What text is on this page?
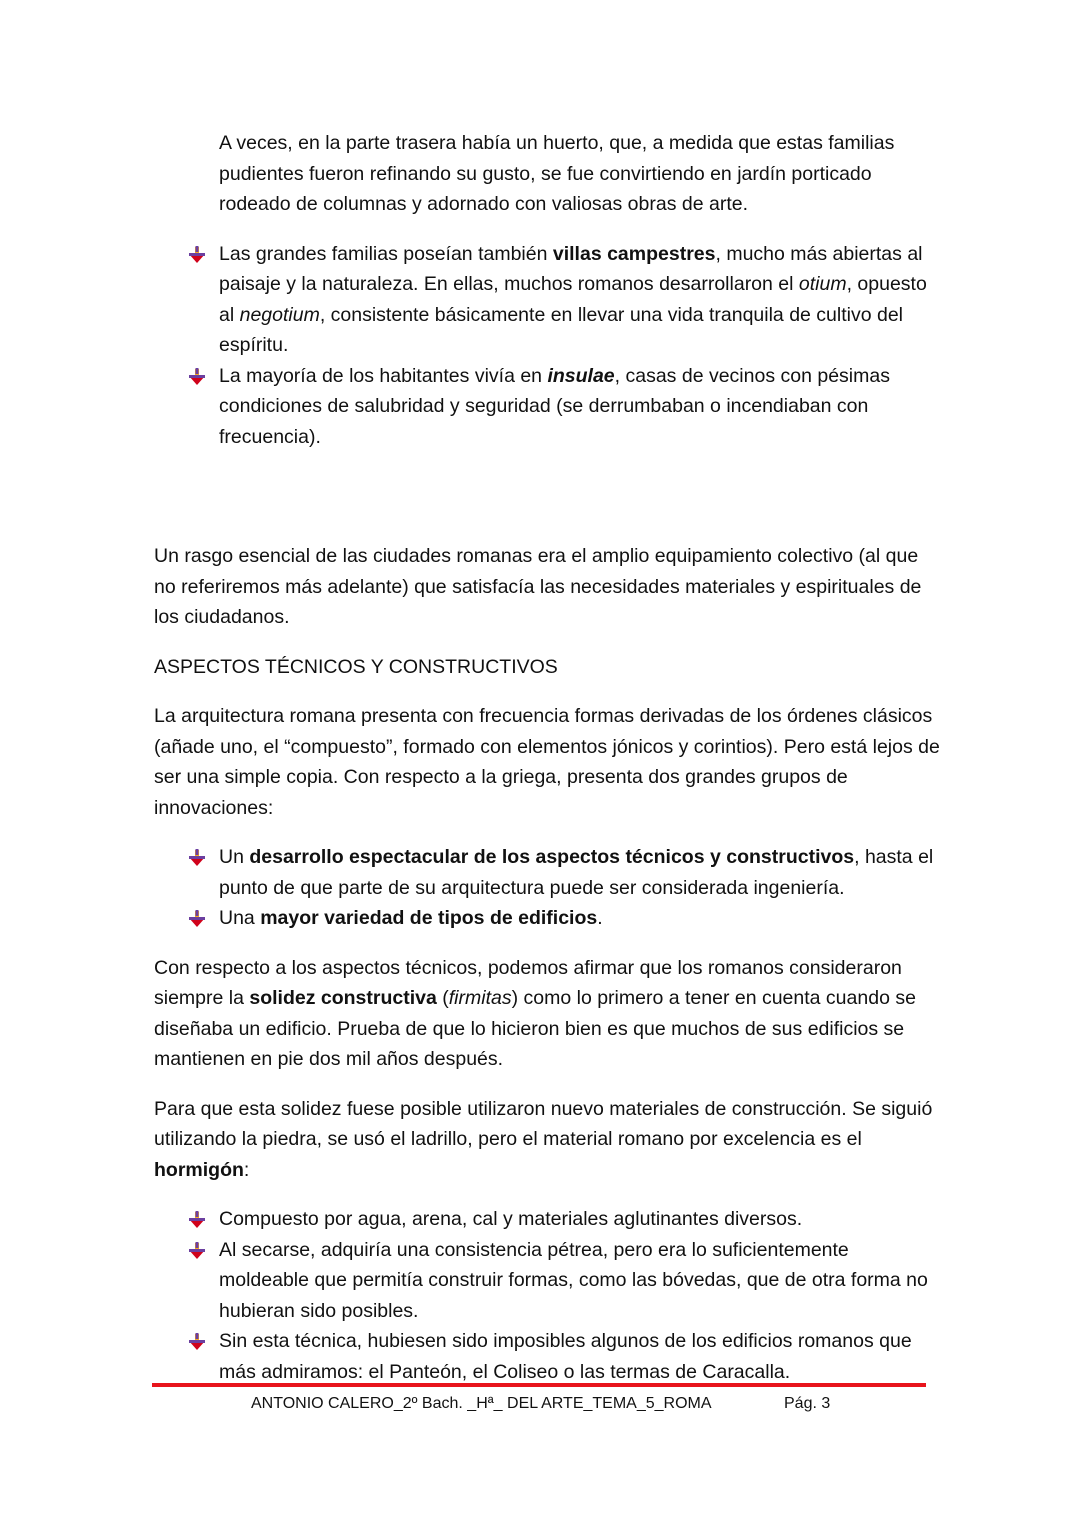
A veces, en la parte trasera había un huerto, que, a medida que estas familias pudientes fueron refinando su gusto, se fue convirtiendo en jardín porticado rodeado de columnas y adornado con valiosas obras de arte.

Las grandes familias poseían también villas campestres, mucho más abiertas al paisaje y la naturaleza. En ellas, muchos romanos desarrollaron el otium, opuesto al negotium, consistente básicamente en llevar una vida tranquila de cultivo del espíritu.
La mayoría de los habitantes vivía en insulae, casas de vecinos con pésimas condiciones de salubridad y seguridad (se derrumbaban o incendiaban con frecuencia).

Un rasgo esencial de las ciudades romanas era el amplio equipamiento colectivo (al que no referiremos más adelante) que satisfacía las necesidades materiales y espirituales de los ciudadanos.

ASPECTOS TÉCNICOS Y CONSTRUCTIVOS

La arquitectura romana presenta con frecuencia formas derivadas de los órdenes clásicos (añade uno, el “compuesto”, formado con elementos jónicos y corintios). Pero está lejos de ser una simple copia. Con respecto a la griega, presenta dos grandes grupos de innovaciones:

Un desarrollo espectacular de los aspectos técnicos y constructivos, hasta el punto de que parte de su arquitectura puede ser considerada ingeniería.
Una mayor variedad de tipos de edificios.

Con respecto a los aspectos técnicos, podemos afirmar que los romanos consideraron siempre la solidez constructiva (firmitas) como lo primero a tener en cuenta cuando se diseñaba un edificio. Prueba de que lo hicieron bien es que muchos de sus edificios se mantienen en pie dos mil años después.

Para que esta solidez fuese posible utilizaron nuevo materiales de construcción. Se siguió utilizando la piedra, se usó el ladrillo, pero el material romano por excelencia es el hormigón:

Compuesto por agua, arena, cal y materiales aglutinantes diversos.
Al secarse, adquiría una consistencia pétrea, pero era lo suficientemente moldeable que permitía construir formas, como las bóvedas, que de otra forma no hubieran sido posibles.
Sin esta técnica, hubiesen sido imposibles algunos de los edificios romanos que más admiramos: el Panteón, el Coliseo o las termas de Caracalla.
ANTONIO CALERO_2º Bach. _Hª_ DEL ARTE_TEMA_5_ROMA	Pág. 3
